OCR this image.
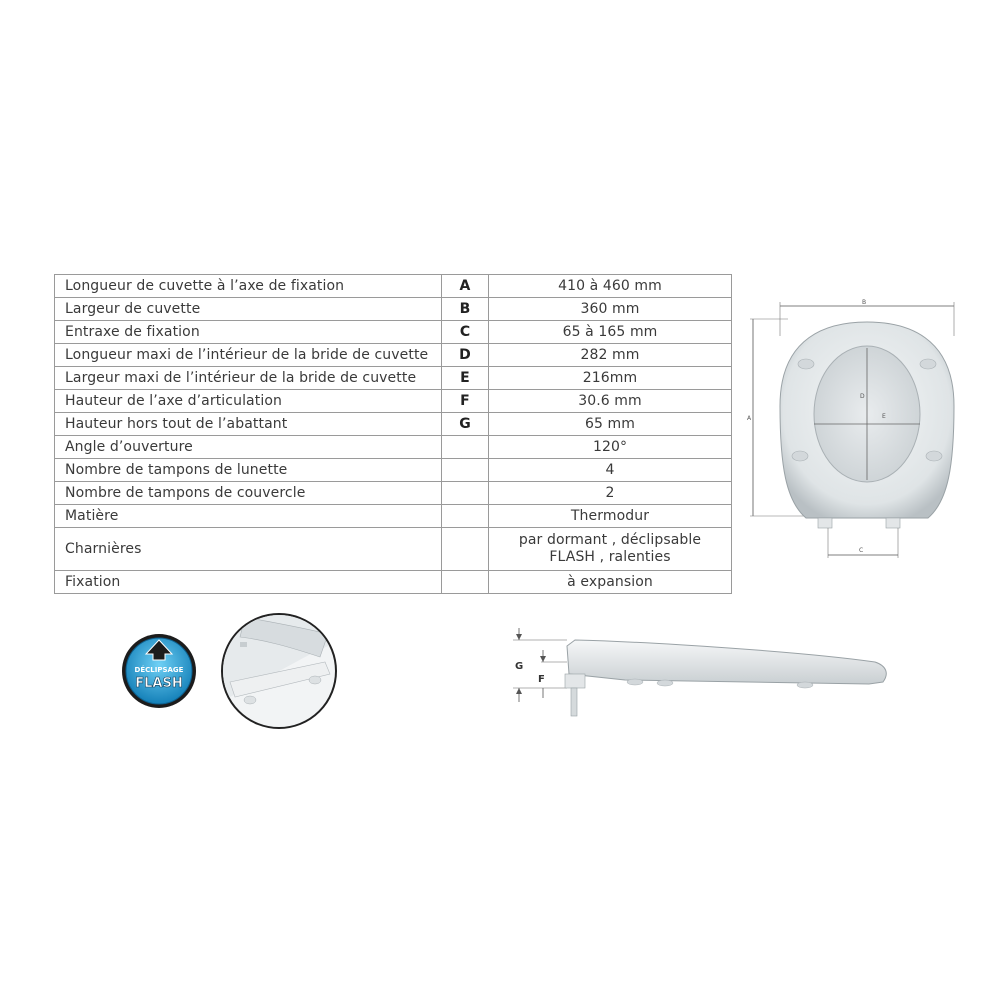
Longueur de cuvette à l’axe de fixation	A	410 à 460 mm
Largeur de cuvette	B	360 mm
Entraxe de fixation	C	65 à 165 mm
Longueur maxi de l’intérieur de la bride de cuvette	D	282 mm
Largeur maxi de l’intérieur de la bride de cuvette	E	216mm
Hauteur de l’axe d’articulation	F	30.6 mm
Hauteur hors tout de l’abattant	G	65 mm
Angle d’ouverture		120°
Nombre de tampons de lunette		4
Nombre de tampons de couvercle		2
Matière		Thermodur
Charnières		par dormant , déclipsable
FLASH , ralenties

Fixation		à expansion
B
A
D
E
C
DÉCLIPSAGE
FLASH
G
F
